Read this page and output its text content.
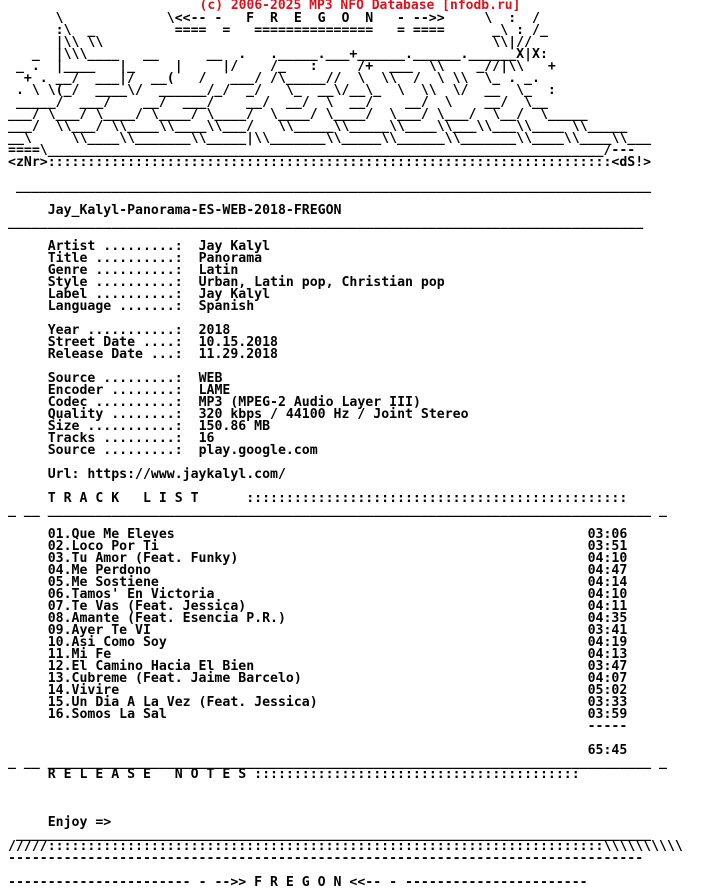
(c) 2006-2025 MP3 NFO Database [nfodb.ru]
\             \<<-- -   F  R  E  G  O  N   - -->>     \  :  /
:\  _          ====  =   ===============   = ====      _\ : /_
|\\ \\                                                 \\|//
_  |\\\____   __      __  .   ._____.___+______.______.______X|X:
_ .  |____   |_     |     |/    /_   :     /+  ___  \\    _//|\\   +
+ . __/  ___|/  __(   /   ___/ /\_____//  \  \\  /  \ \\  \_ . _.
. \ \(_/  ____\/  ______/_/  _/   \_  __\/__\_  \  \\  \/  __  \_  :
_____/  ___/    __/  ___/    __/  __/  \  __/    __/  \    __/  \__
___/ \___/ \____/ \____/ \____/  \____/ \____/  \___/ \___/  \__/  \_____
___/  \\___/ \\____\\____\\___/   \\_____\\_____\\____\\___\\___\\____ \\_____
__\     \\____\\_______\\_____|\\_______\\_____\\______\\_______\\____\\____\\___
====\______________________________________________________________________/---
<zNr>:::::::::::::::::::::::::::::::::::::::::::::::::::::::::::::::::::::::<dS!>

________________________________________________________________________________

Jay_Kalyl-Panorama-ES-WEB-2018-FREGON
________________________________________________________________________________

Artist .........: Jay Kalyl
Title ..........: Panorama
Genre ..........: Latin
Style ..........: Urban, Latin pop, Christian pop
Label ..........: Jay Kalyl
Language .......: Spanish

Year ...........: 2018
Street Date ....: 10.15.2018
Release Date ...: 11.29.2018

Source .........: WEB
Encoder ........: LAME
Codec ..........: MP3 (MPEG-2 Audio Layer III)
Quality ........: 320 kbps / 44100 Hz / Joint Stereo
Size ...........: 150.86 MB
Tracks .........: 16
Source .........: play.google.com

Url: https://www.jaykalyl.com/

T R A C K   L I S T      ::::::::::::::::::::::::::::::::::::::::::::::::
_ __ ____________________________________________________________________________ _

01.Que Me Eleves	03:06
02.Loco Por Ti	03:51
03.Tu Amor (Feat. Funky)	04:10
04.Me Perdono	04:47
05.Me Sostiene	04:14
06.Tamos' En Victoria	04:10
07.Te Vas (Feat. Jessica)	04:11
08.Amante (Feat. Esencia P.R.)	04:35
09.Ayer Te VI	03:41
10.Asi Como Soy	04:19
11.Mi Fe	04:13
12.El Camino Hacia El Bien	03:47
13.Cubreme (Feat. Jaime Barcelo)	04:07
14.Vivire	05:02
15.Un Dia A La Vez (Feat. Jessica)	03:33
16.Somos La Sal	03:59
-----

65:45
_ __ ____________________________________________________________________________ _
R E L E A S E   N O T E S :::::::::::::::::::::::::::::::::::::::::

Enjoy =>
________________________________________________________________________________
/////::::::::::::::::::::::::::::::::::::::::::::::::::::::::::::::::::::::\\\\\\\\\\
--------------------------------------------------------------------------------

----------------------- - -->> F R E G O N <<-- - -----------------------
